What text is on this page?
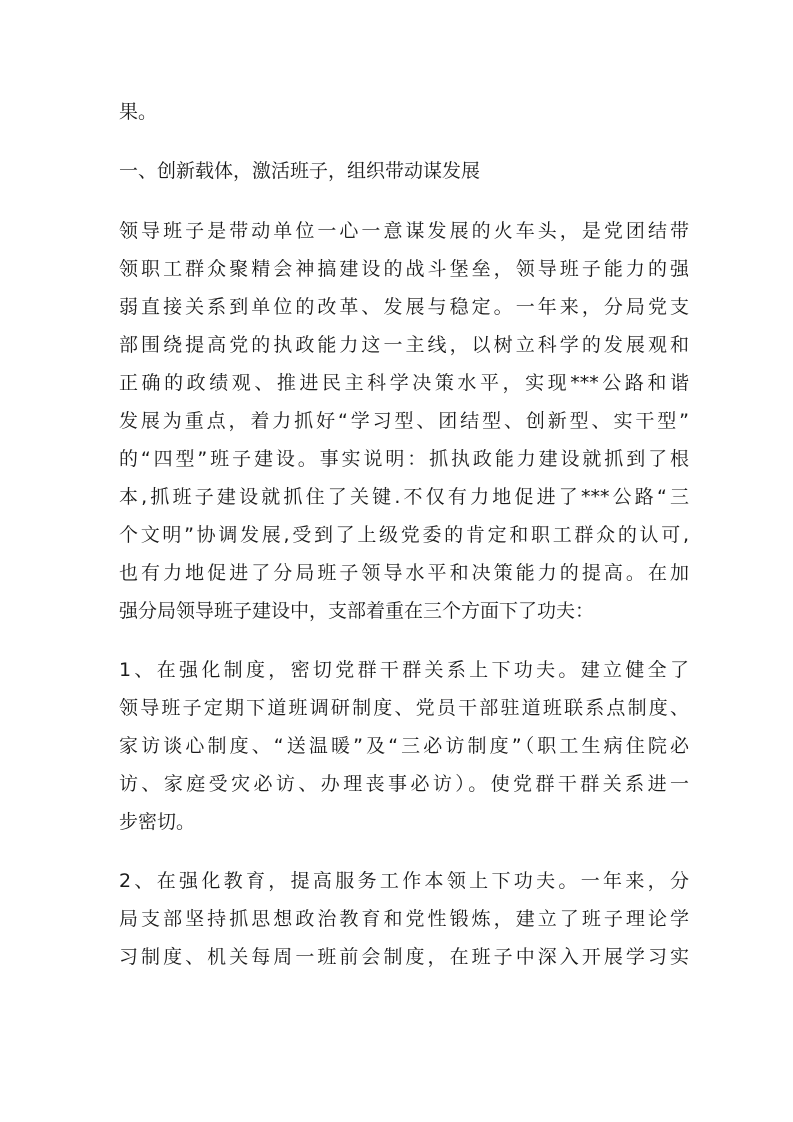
果。
一、创新载体，激活班子，组织带动谋发展
领导班子是带动单位一心一意谋发展的火车头，是党团结带
领职工群众聚精会神搞建设的战斗堡垒，领导班子能力的强
弱直接关系到单位的改革、发展与稳定。一年来，分局党支
部围绕提高党的执政能力这一主线，以树立科学的发展观和
正确的政绩观、推进民主科学决策水平，实现***公路和谐
发展为重点，着力抓好“学习型、团结型、创新型、实干型”
的“四型”班子建设。事实说明：抓执政能力建设就抓到了根
本,抓班子建设就抓住了关键.不仅有力地促进了***公路“三
个文明”协调发展,受到了上级党委的肯定和职工群众的认可,
也有力地促进了分局班子领导水平和决策能力的提高。在加
强分局领导班子建设中，支部着重在三个方面下了功夫：
1、在强化制度，密切党群干群关系上下功夫。建立健全了
领导班子定期下道班调研制度、党员干部驻道班联系点制度、
家访谈心制度、“送温暖”及“三必访制度”（职工生病住院必
访、家庭受灾必访、办理丧事必访）。使党群干群关系进一
步密切。
2、在强化教育，提高服务工作本领上下功夫。一年来，分
局支部坚持抓思想政治教育和党性锻炼，建立了班子理论学
习制度、机关每周一班前会制度，在班子中深入开展学习实
